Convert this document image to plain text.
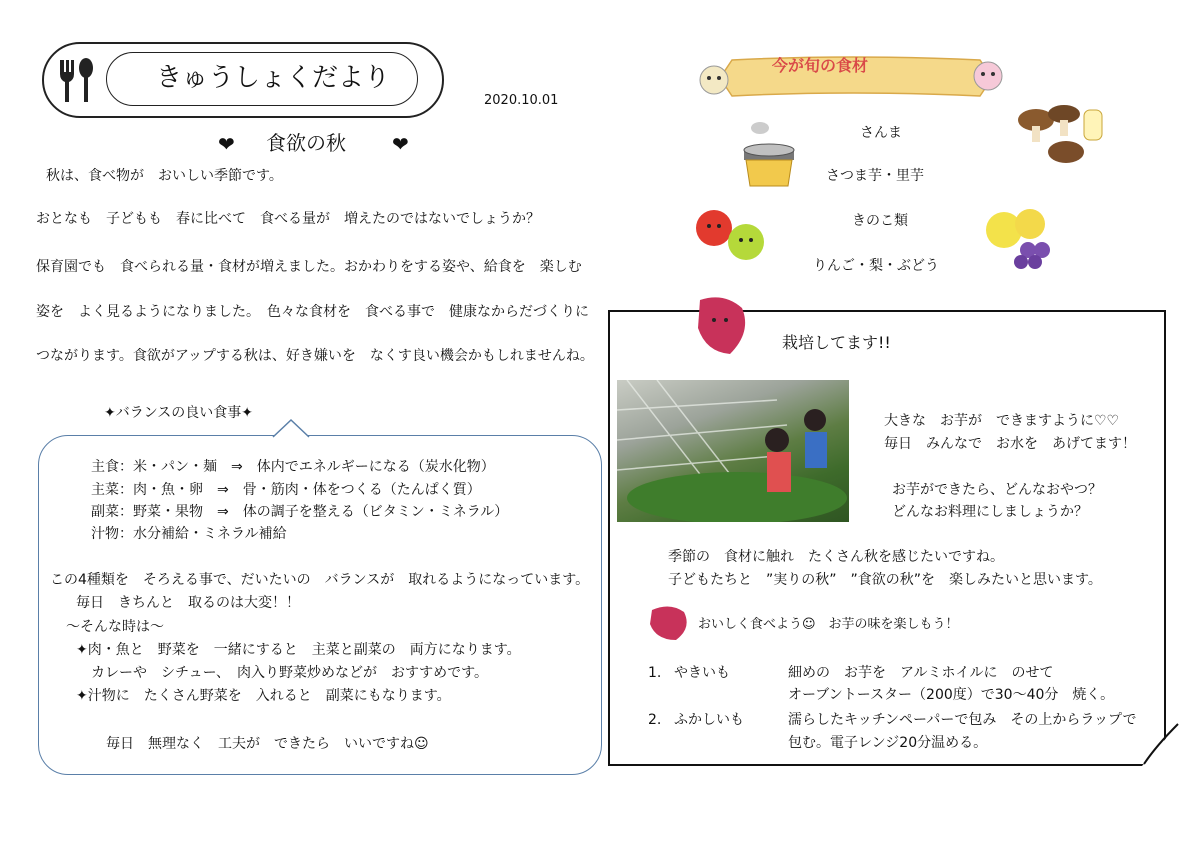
きゅうしょくだより
2020.10.01
❤ 食欲の秋 ❤
秋は、食べ物が　おいしい季節です。
おとなも　子どもも　春に比べて　食べる量が　増えたのではないでしょうか？
保育園でも　食べられる量・食材が増えました。おかわりをする姿や、給食を　楽しむ
姿を　よく見るようになりました。　色々な食材を　食べる事で　健康なからだづくりに
つながります。食欲がアップする秋は、好き嫌いを　なくす良い機会かもしれませんね。
✦バランスの良い食事✦
主食：米・パン・麺　⇒　体内でエネルギーになる（炭水化物）
主菜：肉・魚・卵　⇒　骨・筋肉・体をつくる（たんぱく質）
副菜：野菜・果物　⇒　体の調子を整える（ビタミン・ミネラル）
汁物：水分補給・ミネラル補給
この4種類を　そろえる事で、だいたいの　バランスが　取れるようになっています。
毎日　きちんと　取るのは大変！！
～そんな時は～
✦肉・魚と　野菜を　一緒にすると　主菜と副菜の　両方になります。
カレーや　シチュー、　肉入り野菜炒めなどが　おすすめです。
✦汁物に　たくさん野菜を　入れると　副菜にもなります。
毎日　無理なく　工夫が　できたら　いいですね☺
今が旬の食材
さんま
さつま芋・里芋
きのこ類
りんご・梨・ぶどう
栽培してます!!
大きな　お芋が　できますように♡♡
毎日　みんなで　お水を　あげてます！
お芋ができたら、どんなおやつ？
どんなお料理にしましょうか？
季節の　食材に触れ　たくさん秋を感じたいですね。
子どもたちと　”実りの秋”　”食欲の秋”を　楽しみたいと思います。
おいしく食べよう☺　お芋の味を楽しもう！
1. やきいも	細めの　お芋を　アルミホイルに　のせて
オーブントースター（200度）で30～40分　焼く。
2. ふかしいも	濡らしたキッチンペーパーで包み　その上からラップで
包む。電子レンジ20分温める。
